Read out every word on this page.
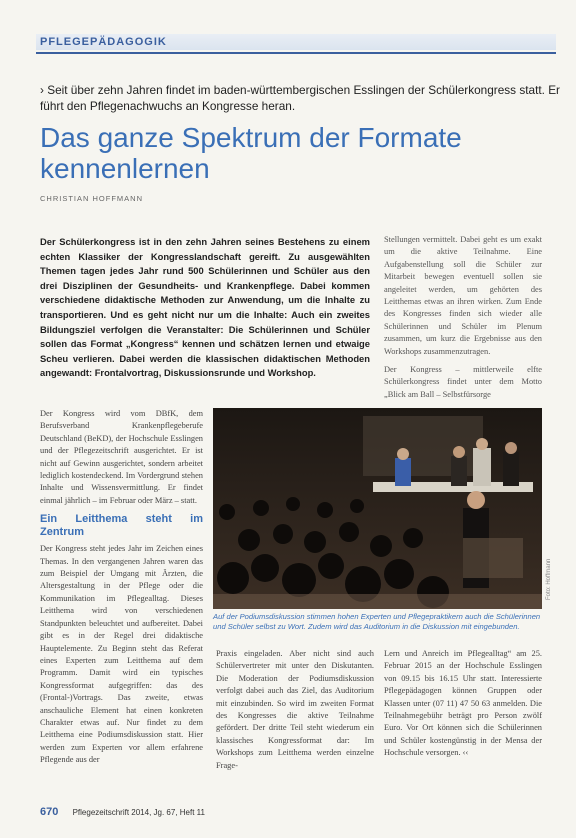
PFLEGEPÄDAGOGIK
› Seit über zehn Jahren findet im baden-württembergischen Esslingen der Schülerkongress statt. Er führt den Pflegenachwuchs an Kongresse heran.
Das ganze Spektrum der Formate kennenlernen
CHRISTIAN HOFFMANN

Der Schülerkongress ist in den zehn Jahren seines Bestehens zu einem echten Klassiker der Kongresslandschaft gereift. Zu ausgewählten Themen tagen jedes Jahr rund 500 Schülerinnen und Schüler aus den drei Disziplinen der Gesundheits- und Krankenpflege. Dabei kommen verschiedene didaktische Methoden zur Anwendung, um die Inhalte zu transportieren. Und es geht nicht nur um die Inhalte: Auch ein zweites Bildungsziel verfolgen die Veranstalter: Die Schülerinnen und Schüler sollen das Format „Kongress“ kennen und schätzen lernen und etwaige Scheu verlieren. Dabei werden die klassischen didaktischen Methoden angewandt: Frontalvortrag, Diskussionsrunde und Workshop.

Stellungen vermittelt. Dabei geht es um exakt um die aktive Teilnahme. Eine Aufgabenstellung soll die Schüler zur Mitarbeit bewegen eventuell sollen sie angeleitet werden, um gehörten des Leitthemas etwas an ihren wirken. Zum Ende des Kongresses finden sich wieder alle Schülerinnen und Schüler im Plenum zusammen, um kurz die Ergebnisse aus den Workshops zusammenzutragen.

Der Kongress – mittlerweile elfte Schülerkongress findet unter dem Motto „Blick am Ball – Selbstfürsorge

Der Kongress wird vom DBfK, dem Berufsverband Krankenpflegeberufe Deutschland (BeKD), der Hochschule Esslingen und der Pflegezeitschrift ausgerichtet. Er ist nicht auf Gewinn ausgerichtet, sondern arbeitet lediglich kostendeckend. Im Vordergrund stehen Inhalte und Wissensvermittlung. Er findet einmal jährlich – im Februar oder März – statt.

Ein Leitthema steht im Zentrum

Der Kongress steht jedes Jahr im Zeichen eines Themas. In den vergangenen Jahren waren das zum Beispiel der Umgang mit Ärzten, die Altersgestaltung in der Pflege oder die Kommunikation im Pflegealltag. Dieses Leitthema wird von verschiedenen Standpunkten beleuchtet und aufbereitet. Dabei gibt es in der Regel drei didaktische Hauptelemente. Zu Beginn steht das Referat eines Experten zum Leitthema auf dem Programm. Damit wird ein typisches Kongressformat aufgegriffen: das des (Frontal-)Vortrags. Das zweite, etwas anschauliche Element hat einen konkreten Charakter etwas auf. Nur findet zu dem Leitthema eine Podiumsdiskussion statt. Hier werden zum Experten vor allem erfahrene Pflegende aus der

Foto: Hoffmann
Auf der Podiumsdiskussion stimmen hohen Experten und Pflegepraktikern auch die Schülerinnen und Schüler selbst zu Wort. Zudem wird das Auditorium in die Diskussion mit eingebunden.

Praxis eingeladen. Aber nicht sind auch Schülervertreter mit unter den Diskutanten. Die Moderation der Podiumsdiskussion verfolgt dabei auch das Ziel, das Auditorium mit einzubinden. So wird im zweiten Format des Kongresses die aktive Teilnahme gefördert. Der dritte Teil steht wiederum ein klassisches Kongressformat dar: Im Workshops zum Leitthema werden einzelne Frage-

Lern und Anreich im Pflegealltag“ am 25. Februar 2015 an der Hochschule Esslingen von 09.15 bis 16.15 Uhr statt. Interessierte Pflegepädagogen können Gruppen oder Klassen unter (07 11) 47 50 63 anmelden. Die Teilnahmegebühr beträgt pro Person zwölf Euro. Vor Ort können sich die Schülerinnen und Schüler kostengünstig in der Mensa der Hochschule versorgen. ‹‹

670 Pflegezeitschrift 2014, Jg. 67, Heft 11
